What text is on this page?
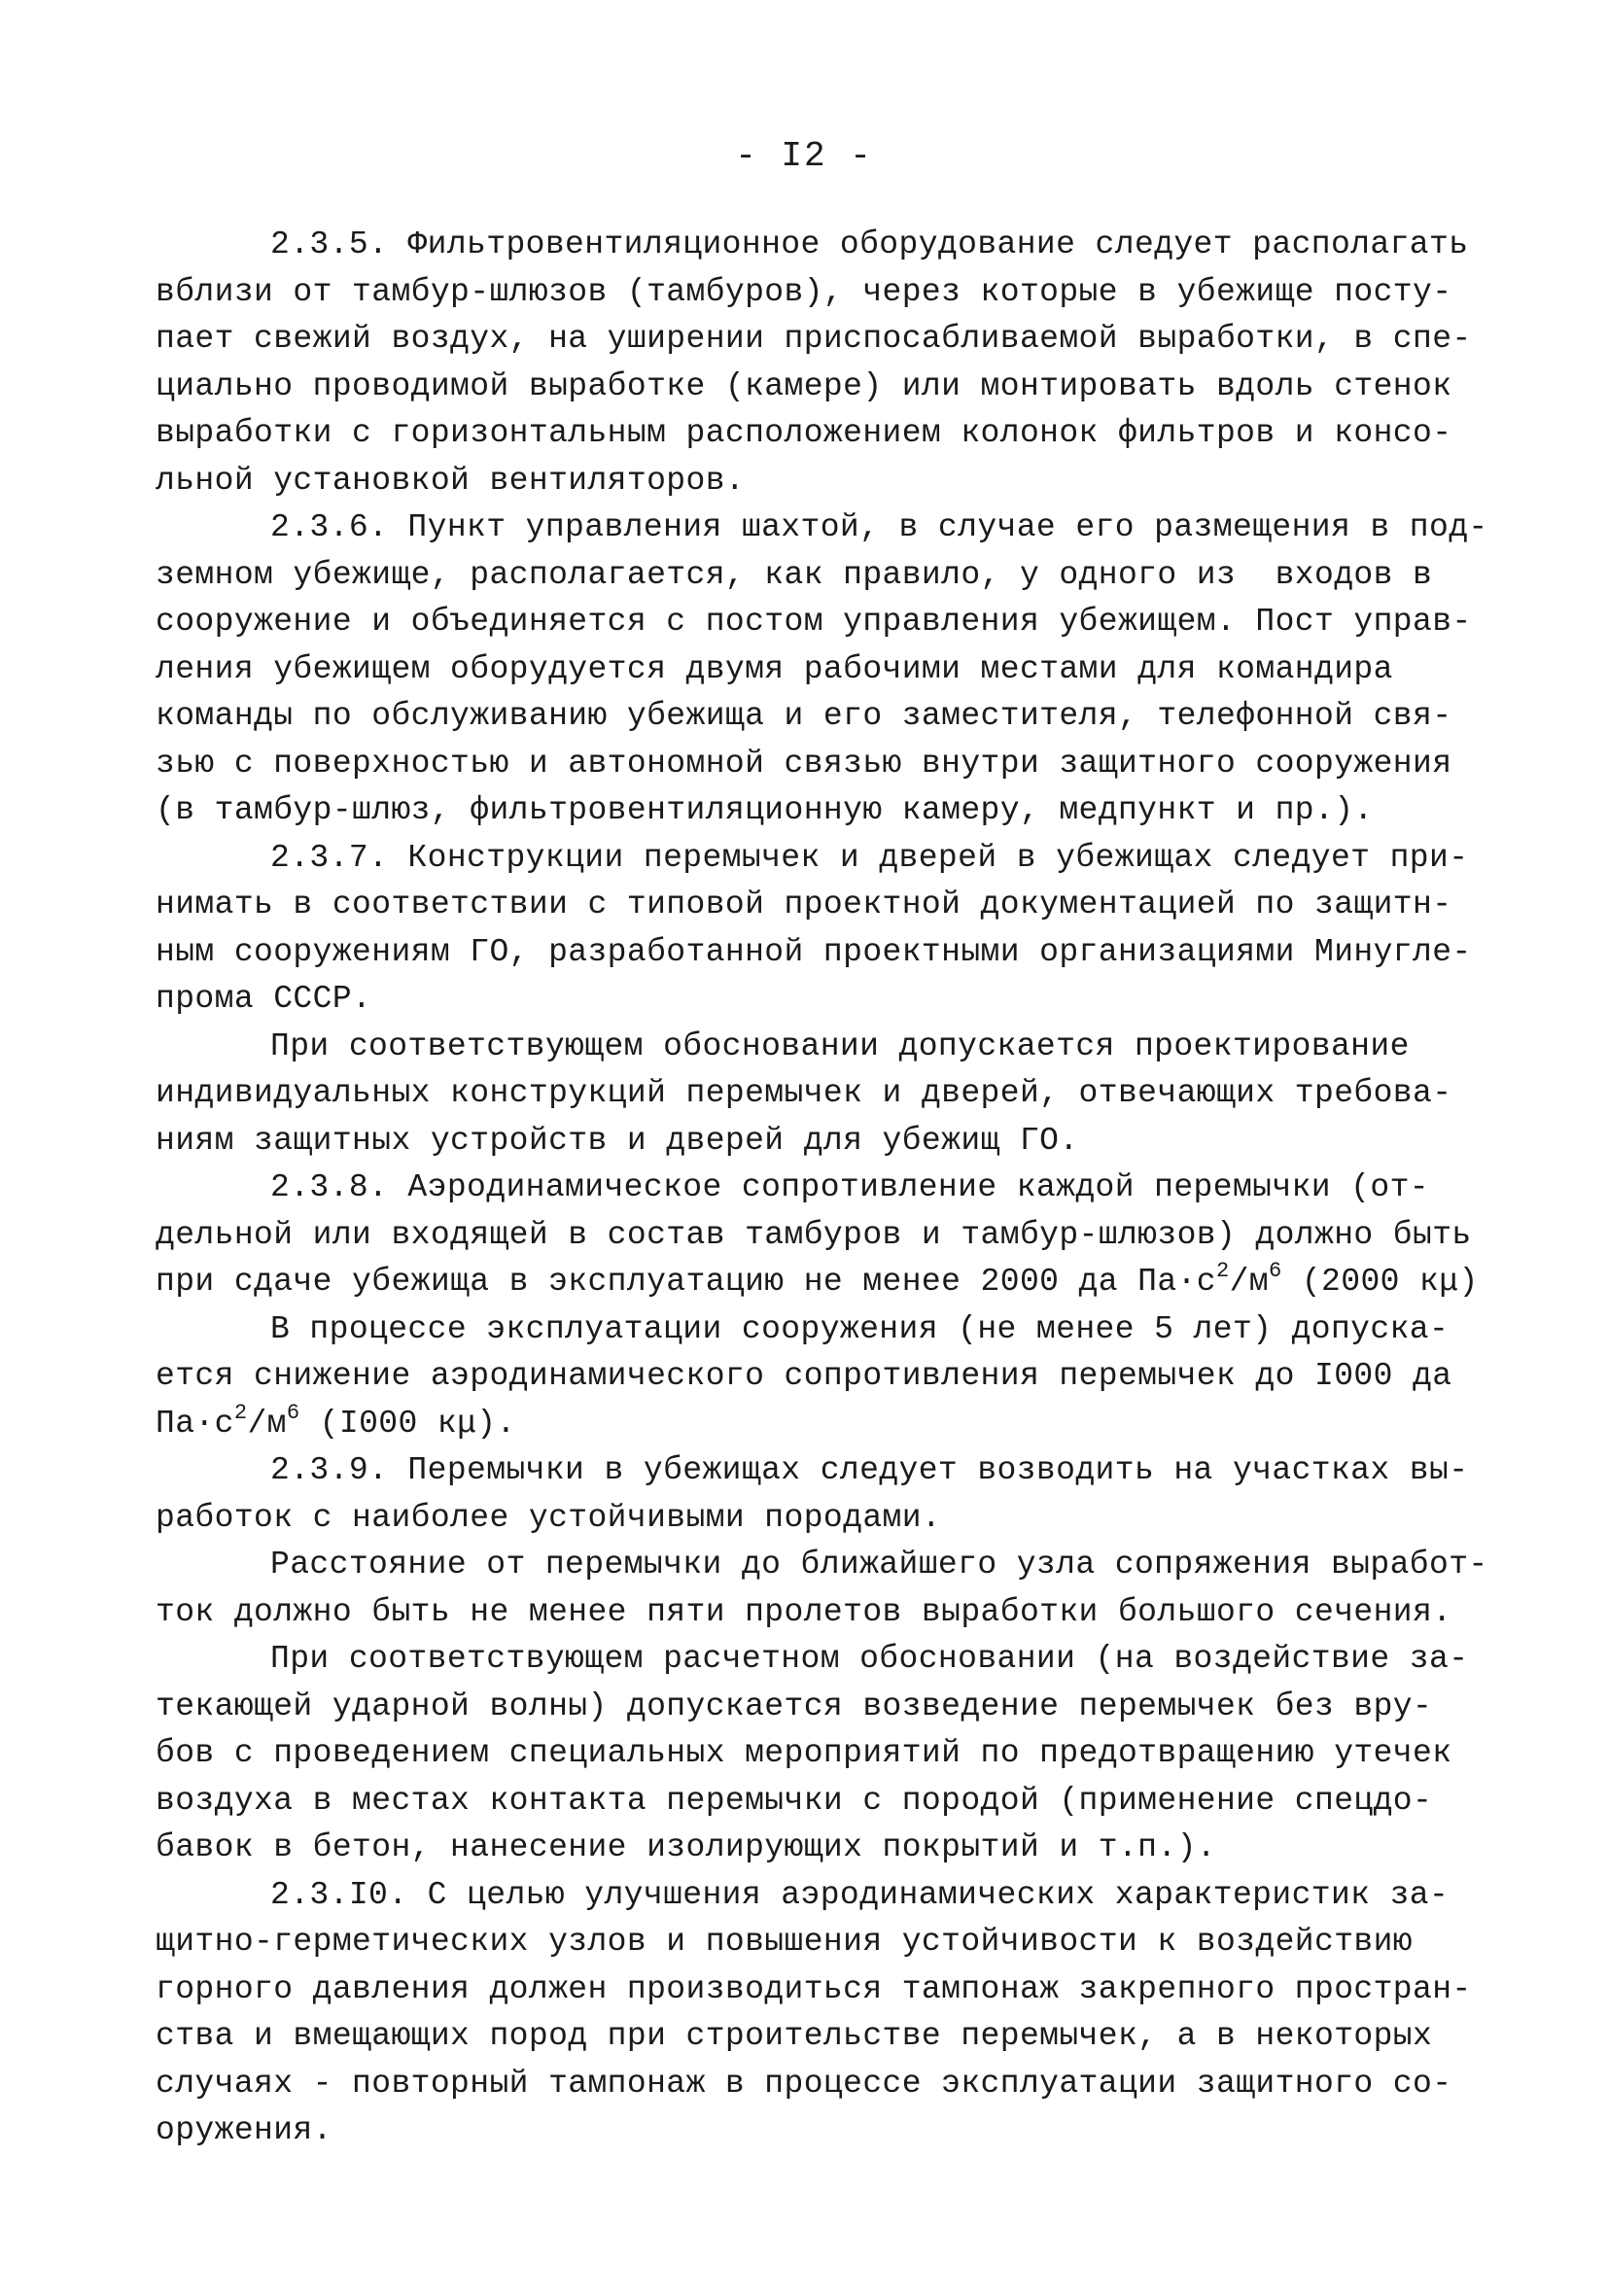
- I2 -
2.3.5. Фильтровентиляционное оборудование следует располагать
вблизи от тамбур-шлюзов (тамбуров), через которые в убежище посту-
пает свежий воздух, на уширении приспосабливаемой выработки, в спе-
циально проводимой выработке (камере) или монтировать вдоль стенок
выработки с горизонтальным расположением колонок фильтров и консо-
льной установкой вентиляторов.
2.3.6. Пункт управления шахтой, в случае его размещения в под-
земном убежище, располагается, как правило, у одного из  входов в
сооружение и объединяется с постом управления убежищем. Пост управ-
ления убежищем оборудуется двумя рабочими местами для командира
команды по обслуживанию убежища и его заместителя, телефонной свя-
зью с поверхностью и автономной связью внутри защитного сооружения
(в тамбур-шлюз, фильтровентиляционную камеру, медпункт и пр.).
2.3.7. Конструкции перемычек и дверей в убежищах следует при-
нимать в соответствии с типовой проектной документацией по защитн-
ным сооружениям ГО, разработанной проектными организациями Минугле-
прома СССР.
При соответствующем обосновании допускается проектирование
индивидуальных конструкций перемычек и дверей, отвечающих требова-
ниям защитных устройств и дверей для убежищ ГО.
2.3.8. Аэродинамическое сопротивление каждой перемычки (от-
дельной или входящей в состав тамбуров и тамбур-шлюзов) должно быть
при сдаче убежища в эксплуатацию не менее 2000 да $Па\cdot с^2/м^6$ (2000 кμ)
В процессе эксплуатации сооружения (не менее 5 лет) допуска-
ется снижение аэродинамического сопротивления перемычек до I000 да
$Па\cdot с^2/м^6$ (I000 кμ).
2.3.9. Перемычки в убежищах следует возводить на участках вы-
работок с наиболее устойчивыми породами.
Расстояние от перемычки до ближайшего узла сопряжения выработ-
ток должно быть не менее пяти пролетов выработки большого сечения.
При соответствующем расчетном обосновании (на воздействие за-
текающей ударной волны) допускается возведение перемычек без вру-
бов с проведением специальных мероприятий по предотвращению утечек
воздуха в местах контакта перемычки с породой (применение спецдо-
бавок в бетон, нанесение изолирующих покрытий и т.п.).
2.3.I0. С целью улучшения аэродинамических характеристик за-
щитно-герметических узлов и повышения устойчивости к воздействию
горного давления должен производиться тампонаж закрепного простран-
ства и вмещающих пород при строительстве перемычек, а в некоторых
случаях - повторный тампонаж в процессе эксплуатации защитного со-
оружения.
